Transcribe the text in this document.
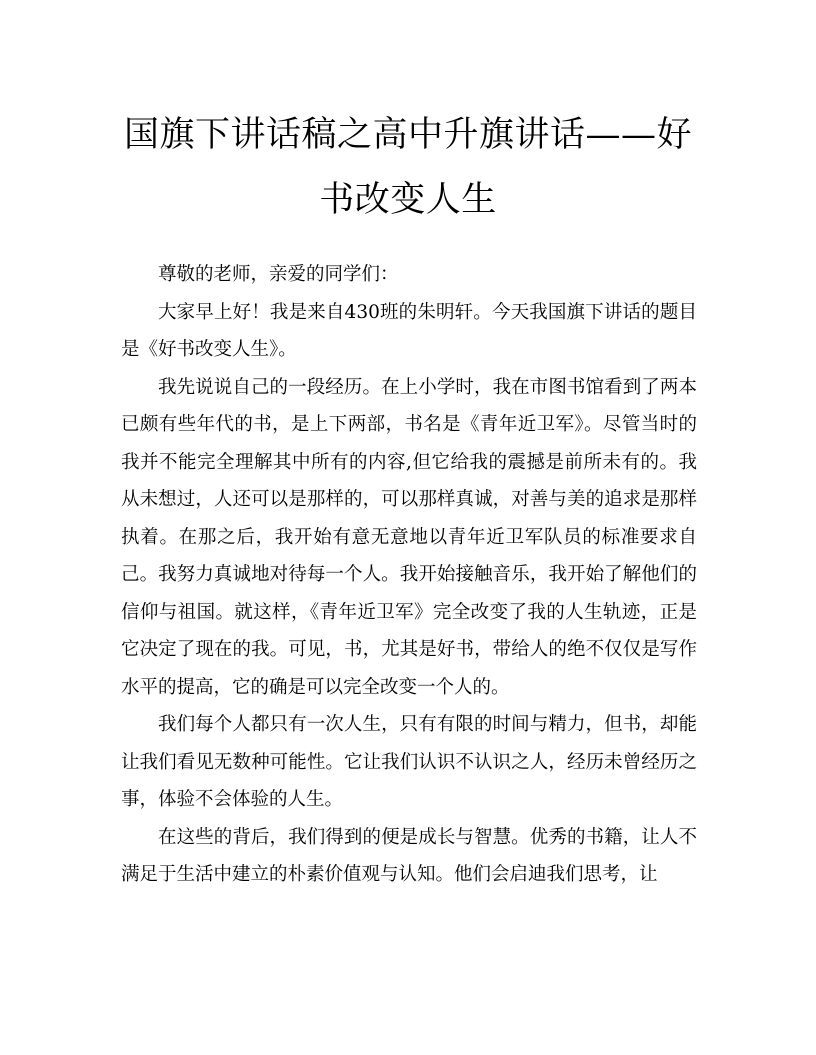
国旗下讲话稿之高中升旗讲话——好书改变人生

尊敬的老师，亲爱的同学们：

大家早上好！我是来自430班的朱明轩。今天我国旗下讲话的题目是《好书改变人生》。

我先说说自己的一段经历。在上小学时，我在市图书馆看到了两本已颇有些年代的书，是上下两部，书名是《青年近卫军》。尽管当时的我并不能完全理解其中所有的内容,但它给我的震撼是前所未有的。我从未想过，人还可以是那样的，可以那样真诚，对善与美的追求是那样执着。在那之后，我开始有意无意地以青年近卫军队员的标准要求自己。我努力真诚地对待每一个人。我开始接触音乐，我开始了解他们的信仰与祖国。就这样，《青年近卫军》完全改变了我的人生轨迹，正是它决定了现在的我。可见，书，尤其是好书，带给人的绝不仅仅是写作水平的提高，它的确是可以完全改变一个人的。

我们每个人都只有一次人生，只有有限的时间与精力，但书，却能让我们看见无数种可能性。它让我们认识不认识之人，经历未曾经历之事，体验不会体验的人生。

在这些的背后，我们得到的便是成长与智慧。优秀的书籍，让人不满足于生活中建立的朴素价值观与认知。他们会启迪我们思考，让
